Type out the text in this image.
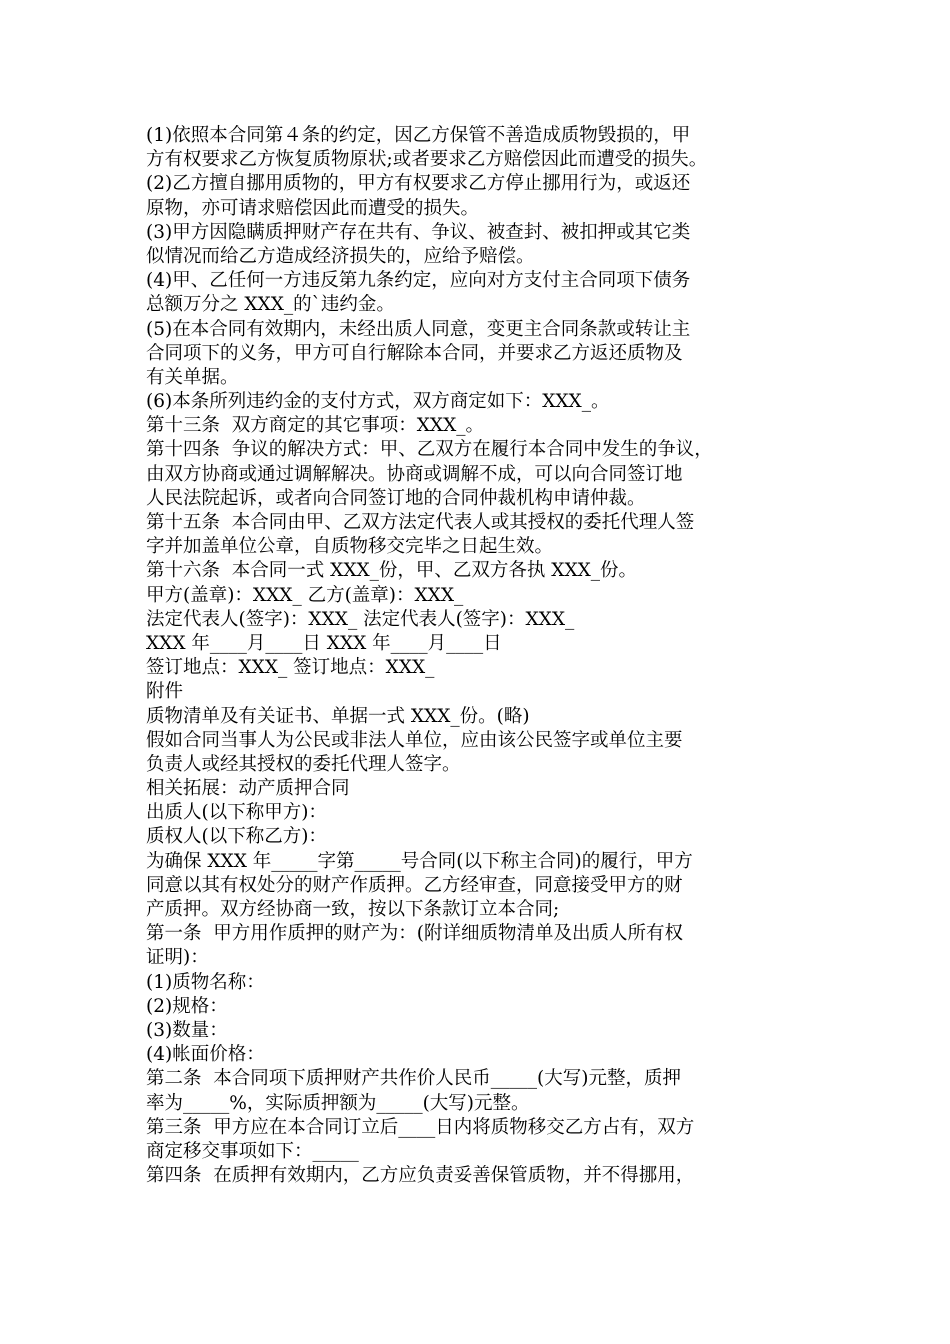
(1)依照本合同第４条的约定，因乙方保管不善造成质物毁损的，甲
方有权要求乙方恢复质物原状;或者要求乙方赔偿因此而遭受的损失。
(2)乙方擅自挪用质物的，甲方有权要求乙方停止挪用行为，或返还
原物，亦可请求赔偿因此而遭受的损失。
(3)甲方因隐瞒质押财产存在共有、争议、被查封、被扣押或其它类
似情况而给乙方造成经济损失的，应给予赔偿。
(4)甲、乙任何一方违反第九条约定，应向对方支付主合同项下债务
总额万分之 XXX_的`违约金。
(5)在本合同有效期内，未经出质人同意，变更主合同条款或转让主
合同项下的义务，甲方可自行解除本合同，并要求乙方返还质物及
有关单据。
(6)本条所列违约金的支付方式，双方商定如下：XXX_。
第十三条  双方商定的其它事项：XXX_。
第十四条  争议的解决方式：甲、乙双方在履行本合同中发生的争议，
由双方协商或通过调解解决。协商或调解不成，可以向合同签订地
人民法院起诉，或者向合同签订地的合同仲裁机构申请仲裁。
第十五条  本合同由甲、乙双方法定代表人或其授权的委托代理人签
字并加盖单位公章，自质物移交完毕之日起生效。
第十六条  本合同一式 XXX_份，甲、乙双方各执 XXX_份。
甲方(盖章)：XXX_ 乙方(盖章)：XXX_
法定代表人(签字)：XXX_ 法定代表人(签字)：XXX_
XXX 年____月____日 XXX 年____月____日
签订地点：XXX_ 签订地点：XXX_
附件
质物清单及有关证书、单据一式 XXX_份。(略)
假如合同当事人为公民或非法人单位，应由该公民签字或单位主要
负责人或经其授权的委托代理人签字。
相关拓展：动产质押合同
出质人(以下称甲方)：
质权人(以下称乙方)：
为确保 XXX 年_____字第_____号合同(以下称主合同)的履行，甲方
同意以其有权处分的财产作质押。乙方经审查，同意接受甲方的财
产质押。双方经协商一致，按以下条款订立本合同;
第一条  甲方用作质押的财产为：(附详细质物清单及出质人所有权
证明)：
(1)质物名称：
(2)规格：
(3)数量：
(4)帐面价格：
第二条  本合同项下质押财产共作价人民币_____(大写)元整，质押
率为_____%，实际质押额为_____(大写)元整。
第三条  甲方应在本合同订立后____日内将质物移交乙方占有，双方
商定移交事项如下：_____
第四条  在质押有效期内，乙方应负责妥善保管质物，并不得挪用，
